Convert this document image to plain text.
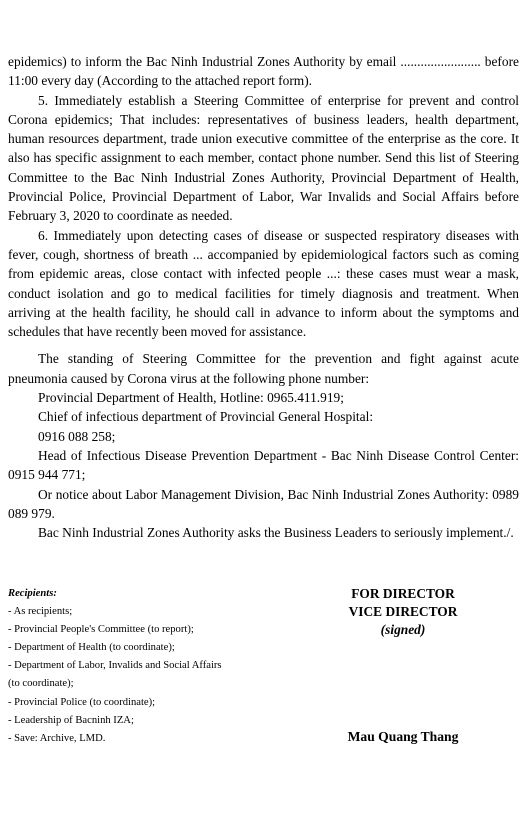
epidemics) to inform the Bac Ninh Industrial Zones Authority by email ........................ before 11:00 every day (According to the attached report form).

5. Immediately establish a Steering Committee of enterprise for prevent and control Corona epidemics; That includes: representatives of business leaders, health department, human resources department, trade union executive committee of the enterprise as the core. It also has specific assignment to each member, contact phone number. Send this list of Steering Committee to the Bac Ninh Industrial Zones Authority, Provincial Department of Health, Provincial Police, Provincial Department of Labor, War Invalids and Social Affairs before February 3, 2020 to coordinate as needed.

6. Immediately upon detecting cases of disease or suspected respiratory diseases with fever, cough, shortness of breath ... accompanied by epidemiological factors such as coming from epidemic areas, close contact with infected people ...: these cases must wear a mask, conduct isolation and go to medical facilities for timely diagnosis and treatment. When arriving at the health facility, he should call in advance to inform about the symptoms and schedules that have recently been moved for assistance.

The standing of Steering Committee for the prevention and fight against acute pneumonia caused by Corona virus at the following phone number:

Provincial Department of Health, Hotline: 0965.411.919;

Chief of infectious department of Provincial General Hospital:

0916 088 258;

Head of Infectious Disease Prevention Department - Bac Ninh Disease Control Center: 0915 944 771;

Or notice about Labor Management Division, Bac Ninh Industrial Zones Authority: 0989 089 979.

Bac Ninh Industrial Zones Authority asks the Business Leaders to seriously implement./.

Recipients:
- As recipients;
- Provincial People's Committee (to report);
- Department of Health (to coordinate);
- Department of Labor, Invalids and Social Affairs
(to coordinate);
- Provincial Police (to coordinate);
- Leadership of Bacninh IZA;
- Save: Archive, LMD.
FOR DIRECTOR
VICE DIRECTOR
(signed)
Mau Quang Thang
